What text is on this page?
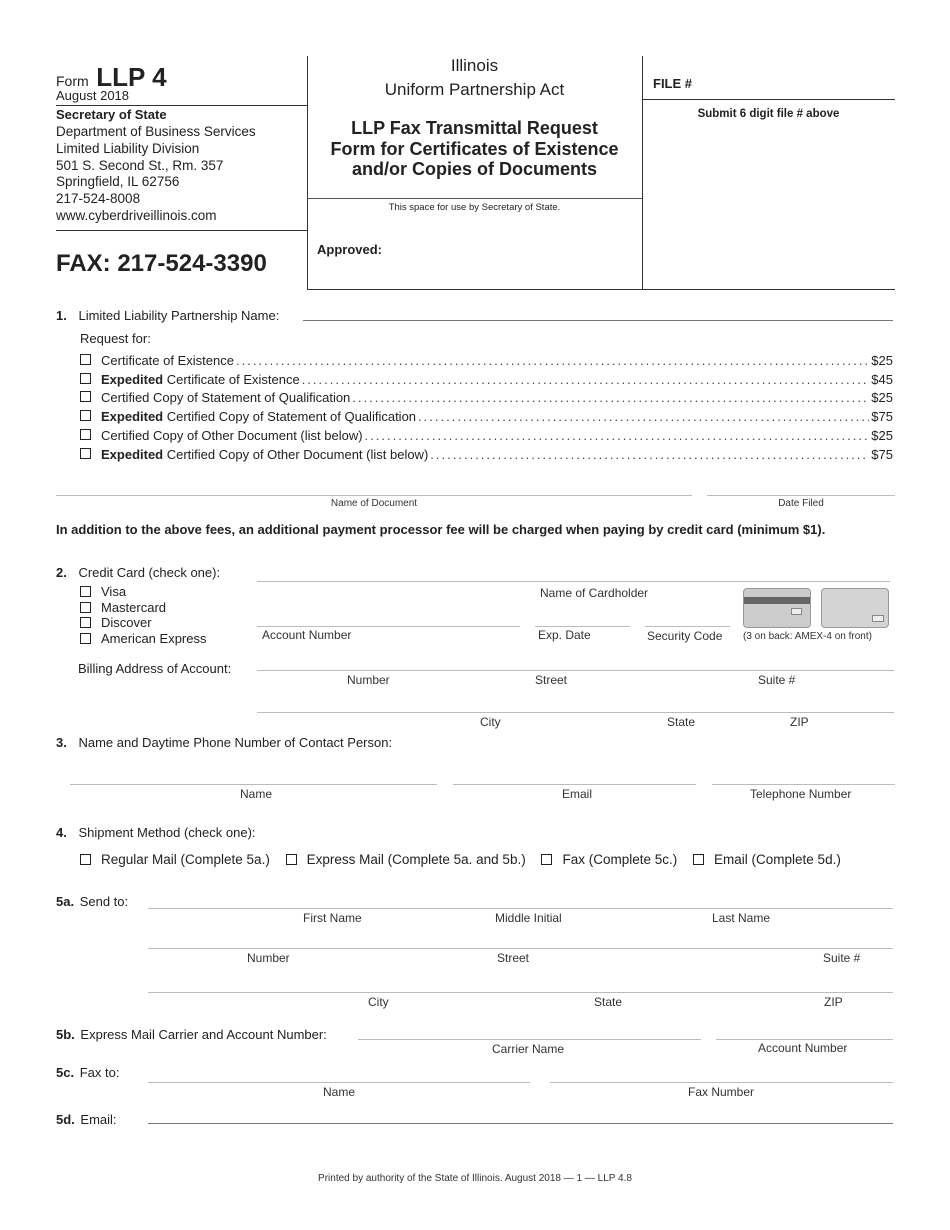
Form LLP 4
August 2018
Secretary of State
Department of Business Services
Limited Liability Division
501 S. Second St., Rm. 357
Springfield, IL 62756
217-524-8008
www.cyberdriveillinois.com
FAX: 217-524-3390
Illinois
Uniform Partnership Act
LLP Fax Transmittal Request
Form for Certificates of Existence
and/or Copies of Documents
This space for use by Secretary of State.
Approved:
FILE #
Submit 6 digit file # above
1. Limited Liability Partnership Name:
Request for:
Certificate of Existence .....	$25
Expedited Certificate of Existence .....	$45
Certified Copy of Statement of Qualification .....	$25
Expedited Certified Copy of Statement of Qualification .....	$75
Certified Copy of Other Document (list below) .....	$25
Expedited Certified Copy of Other Document (list below) .....	$75
Name of Document	Date Filed
In addition to the above fees, an additional payment processor fee will be charged when paying by credit card (minimum $1).
2. Credit Card (check one):
Visa
Mastercard
Discover
American Express
Name of Cardholder
Account Number	Exp. Date	Security Code (3 on back: AMEX-4 on front)
Billing Address of Account:
Number	Street	Suite #
City	State	ZIP
3. Name and Daytime Phone Number of Contact Person:
Name	Email	Telephone Number
4. Shipment Method (check one):
Regular Mail (Complete 5a.)	Express Mail (Complete 5a. and 5b.)	Fax (Complete 5c.)	Email (Complete 5d.)
5a. Send to:
First Name	Middle Initial	Last Name
Number	Street	Suite #
City	State	ZIP
5b. Express Mail Carrier and Account Number:
Carrier Name	Account Number
5c. Fax to:
Name	Fax Number
5d. Email:
Printed by authority of the State of Illinois. August 2018 — 1 — LLP 4.8
